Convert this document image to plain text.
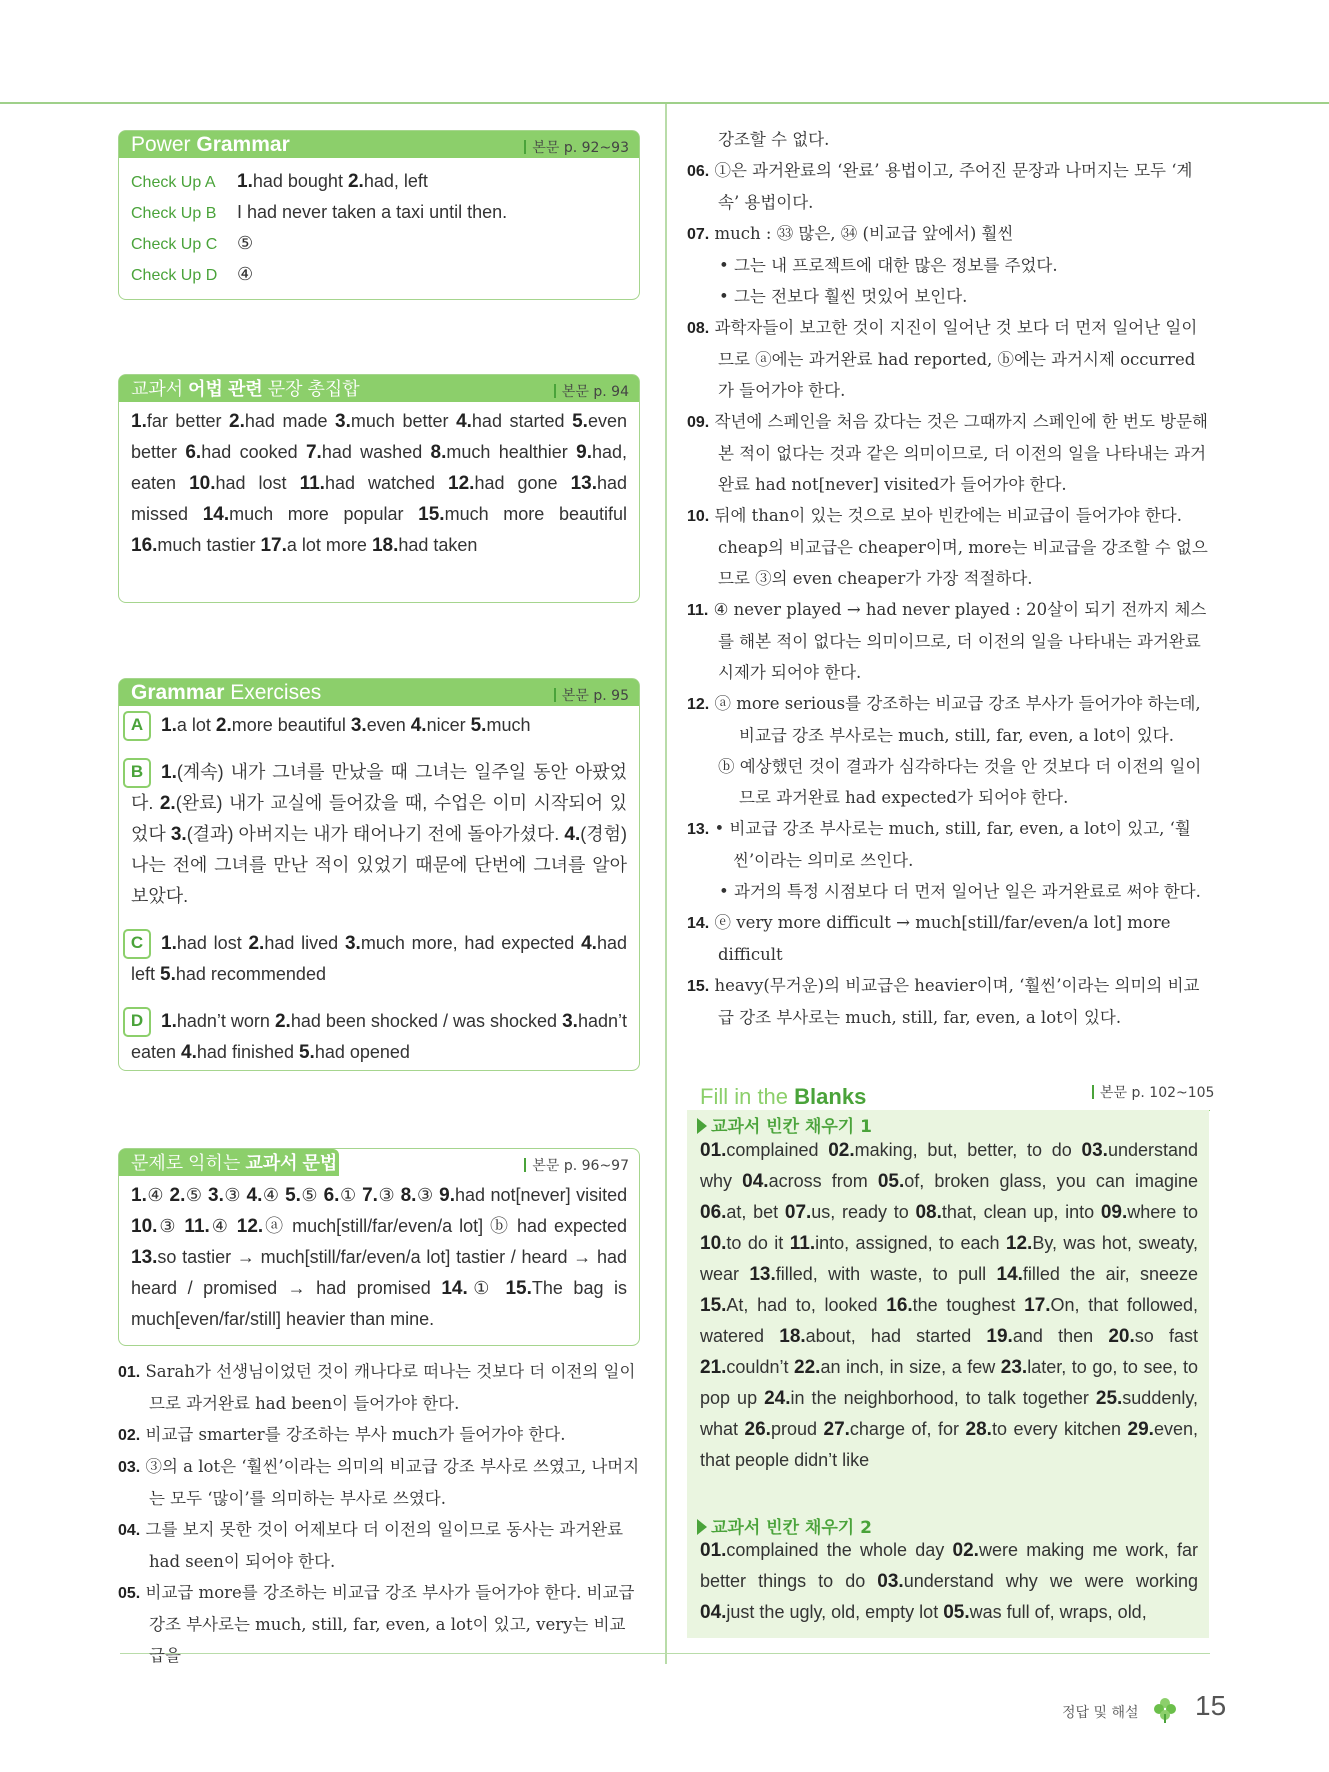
Power Grammar	본문 p. 92~93
Check Up A 1.had bought 2.had, left
Check Up B I had never taken a taxi until then.
Check Up C ⑤
Check Up D ④
교과서 어법 관련 문장 총집합	본문 p. 94
1.far better 2.had made 3.much better 4.had started 5.even better 6.had cooked 7.had washed 8.much healthier 9.had, eaten 10.had lost 11.had watched 12.had gone 13.had missed 14.much more popular 15.much more beautiful 16.much tastier 17.a lot more 18.had taken
Grammar Exercises	본문 p. 95
A 1.a lot 2.more beautiful 3.even 4.nicer 5.much
B 1.(계속) 내가 그녀를 만났을 때 그녀는 일주일 동안 아팠었다. 2.(완료) 내가 교실에 들어갔을 때, 수업은 이미 시작되어 있었다 3.(결과) 아버지는 내가 태어나기 전에 돌아가셨다. 4.(경험) 나는 전에 그녀를 만난 적이 있었기 때문에 단번에 그녀를 알아보았다.
C 1.had lost 2.had lived 3.much more, had expected 4.had left 5.had recommended
D 1.hadn’t worn 2.had been shocked / was shocked 3.hadn’t eaten 4.had finished 5.had opened
문제로 익히는 교과서 문법	본문 p. 96~97
1.④ 2.⑤ 3.③ 4.④ 5.⑤ 6.① 7.③ 8.③ 9.had not[never] visited 10.③ 11.④ 12.ⓐ much[still/far/even/a lot] ⓑ had expected 13.so tastier → much[still/far/even/a lot] tastier / heard → had heard / promised → had promised 14.① 15.The bag is much[even/far/still] heavier than mine.
01. Sarah가 선생님이었던 것이 캐나다로 떠나는 것보다 더 이전의 일이므로 과거완료 had been이 들어가야 한다.
02. 비교급 smarter를 강조하는 부사 much가 들어가야 한다.
03. ③의 a lot은 ‘훨씬’이라는 의미의 비교급 강조 부사로 쓰였고, 나머지는 모두 ‘많이’를 의미하는 부사로 쓰였다.
04. 그를 보지 못한 것이 어제보다 더 이전의 일이므로 동사는 과거완료 had seen이 되어야 한다.
05. 비교급 more를 강조하는 비교급 강조 부사가 들어가야 한다. 비교급 강조 부사로는 much, still, far, even, a lot이 있고, very는 비교급을
강조할 수 없다.
06. ①은 과거완료의 ‘완료’ 용법이고, 주어진 문장과 나머지는 모두 ‘계속’ 용법이다.
07. much : ㉝ 많은, ㉞ (비교급 앞에서) 훨씬
• 그는 내 프로젝트에 대한 많은 정보를 주었다.
• 그는 전보다 훨씬 멋있어 보인다.
08. 과학자들이 보고한 것이 지진이 일어난 것 보다 더 먼저 일어난 일이므로 ⓐ에는 과거완료 had reported, ⓑ에는 과거시제 occurred가 들어가야 한다.
09. 작년에 스페인을 처음 갔다는 것은 그때까지 스페인에 한 번도 방문해 본 적이 없다는 것과 같은 의미이므로, 더 이전의 일을 나타내는 과거완료 had not[never] visited가 들어가야 한다.
10. 뒤에 than이 있는 것으로 보아 빈칸에는 비교급이 들어가야 한다. cheap의 비교급은 cheaper이며, more는 비교급을 강조할 수 없으므로 ③의 even cheaper가 가장 적절하다.
11. ④ never played → had never played : 20살이 되기 전까지 체스를 해본 적이 없다는 의미이므로, 더 이전의 일을 나타내는 과거완료시제가 되어야 한다.
12. ⓐ more serious를 강조하는 비교급 강조 부사가 들어가야 하는데, 비교급 강조 부사로는 much, still, far, even, a lot이 있다.
ⓑ 예상했던 것이 결과가 심각하다는 것을 안 것보다 더 이전의 일이므로 과거완료 had expected가 되어야 한다.
13. • 비교급 강조 부사로는 much, still, far, even, a lot이 있고, ‘훨씬’이라는 의미로 쓰인다.
• 과거의 특정 시점보다 더 먼저 일어난 일은 과거완료로 써야 한다.
14. ⓔ very more difficult → much[still/far/even/a lot] more difficult
15. heavy(무거운)의 비교급은 heavier이며, ‘훨씬’이라는 의미의 비교급 강조 부사로는 much, still, far, even, a lot이 있다.
Fill in the Blanks	본문 p. 102~105
교과서 빈칸 채우기 1
01.complained 02.making, but, better, to do 03.understand why 04.across from 05.of, broken glass, you can imagine 06.at, bet 07.us, ready to 08.that, clean up, into 09.where to 10.to do it 11.into, assigned, to each 12.By, was hot, sweaty, wear 13.filled, with waste, to pull 14.filled the air, sneeze 15.At, had to, looked 16.the toughest 17.On, that followed, watered 18.about, had started 19.and then 20.so fast 21.couldn’t 22.an inch, in size, a few 23.later, to go, to see, to pop up 24.in the neighborhood, to talk together 25.suddenly, what 26.proud 27.charge of, for 28.to every kitchen 29.even, that people didn’t like
교과서 빈칸 채우기 2
01.complained the whole day 02.were making me work, far better things to do 03.understand why we were working 04.just the ugly, old, empty lot 05.was full of, wraps, old,
정답 및 해설 15
